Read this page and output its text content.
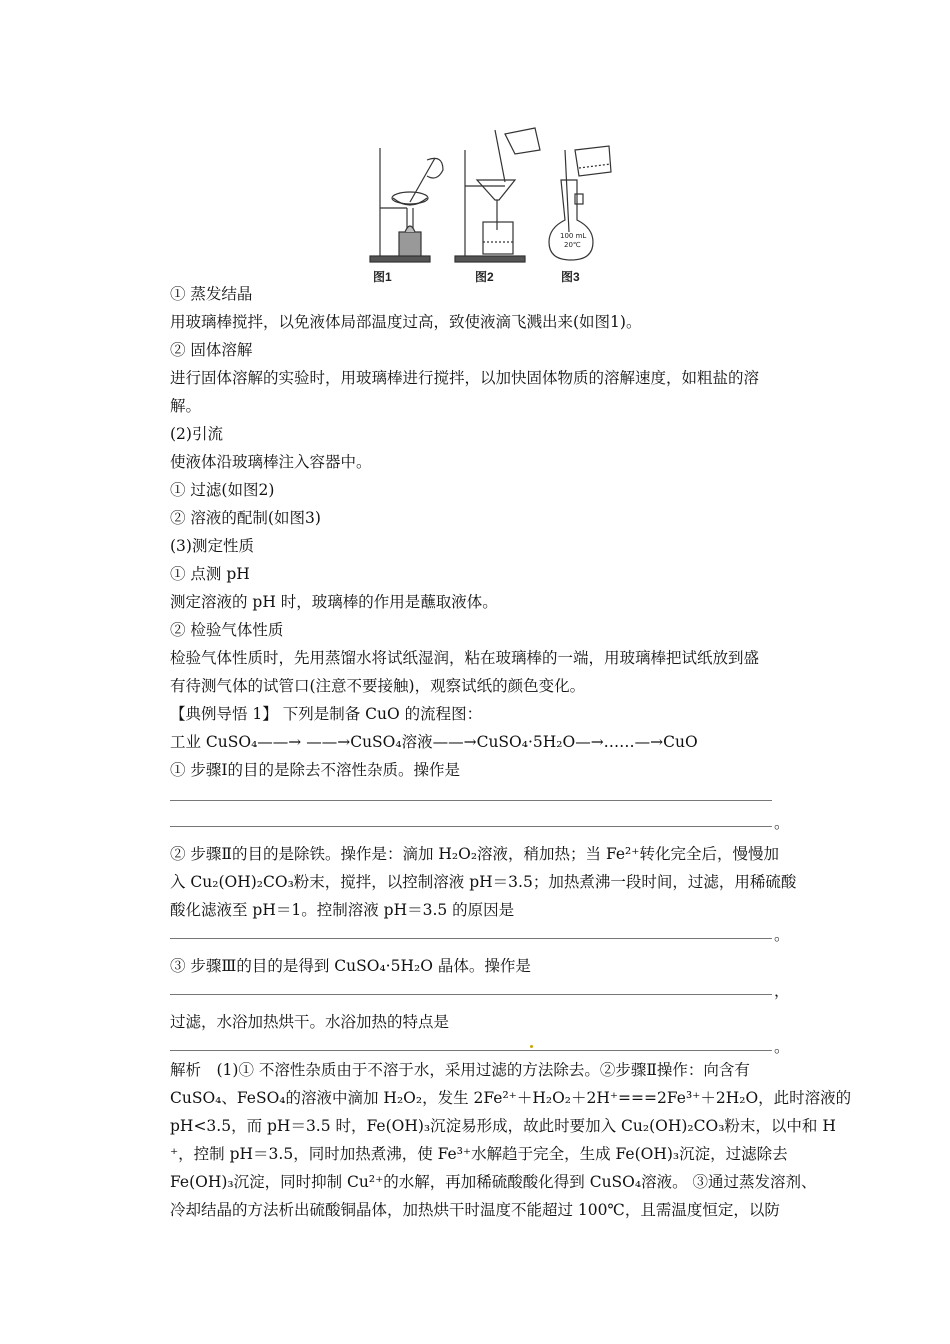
100 mL
20℃
图1	图2	图3
① 蒸发结晶
用玻璃棒搅拌，以免液体局部温度过高，致使液滴飞溅出来(如图1)。
② 固体溶解
进行固体溶解的实验时，用玻璃棒进行搅拌，以加快固体物质的溶解速度，如粗盐的溶
解。
(2)引流
使液体沿玻璃棒注入容器中。
① 过滤(如图2)
② 溶液的配制(如图3)
(3)测定性质
① 点测 pH
测定溶液的 pH 时，玻璃棒的作用是蘸取液体。
② 检验气体性质
检验气体性质时，先用蒸馏水将试纸湿润，粘在玻璃棒的一端，用玻璃棒把试纸放到盛
有待测气体的试管口(注意不要接触)，观察试纸的颜色变化。
【典例导悟 1】 下列是制备 CuO 的流程图：
工业 CuSO₄——→ ——→CuSO₄溶液——→CuSO₄·5H₂O—→……—→CuO
① 步骤Ⅰ的目的是除去不溶性杂质。操作是
。
② 步骤Ⅱ的目的是除铁。操作是：滴加 H₂O₂溶液，稍加热；当 Fe²⁺转化完全后，慢慢加
入 Cu₂(OH)₂CO₃粉末，搅拌，以控制溶液 pH＝3.5；加热煮沸一段时间，过滤，用稀硫酸
酸化滤液至 pH＝1。控制溶液 pH＝3.5 的原因是
。
③ 步骤Ⅲ的目的是得到 CuSO₄·5H₂O 晶体。操作是
，
过滤，水浴加热烘干。水浴加热的特点是
。
解析　(1)① 不溶性杂质由于不溶于水，采用过滤的方法除去。②步骤Ⅱ操作：向含有
CuSO₄、FeSO₄的溶液中滴加 H₂O₂，发生 2Fe²⁺＋H₂O₂＋2H⁺===2Fe³⁺＋2H₂O，此时溶液的
pH<3.5，而 pH＝3.5 时，Fe(OH)₃沉淀易形成，故此时要加入 Cu₂(OH)₂CO₃粉末，以中和 H
⁺，控制 pH＝3.5，同时加热煮沸，使 Fe³⁺水解趋于完全，生成 Fe(OH)₃沉淀，过滤除去
Fe(OH)₃沉淀，同时抑制 Cu²⁺的水解，再加稀硫酸酸化得到 CuSO₄溶液。 ③通过蒸发溶剂、
冷却结晶的方法析出硫酸铜晶体，加热烘干时温度不能超过 100℃，且需温度恒定，以防
